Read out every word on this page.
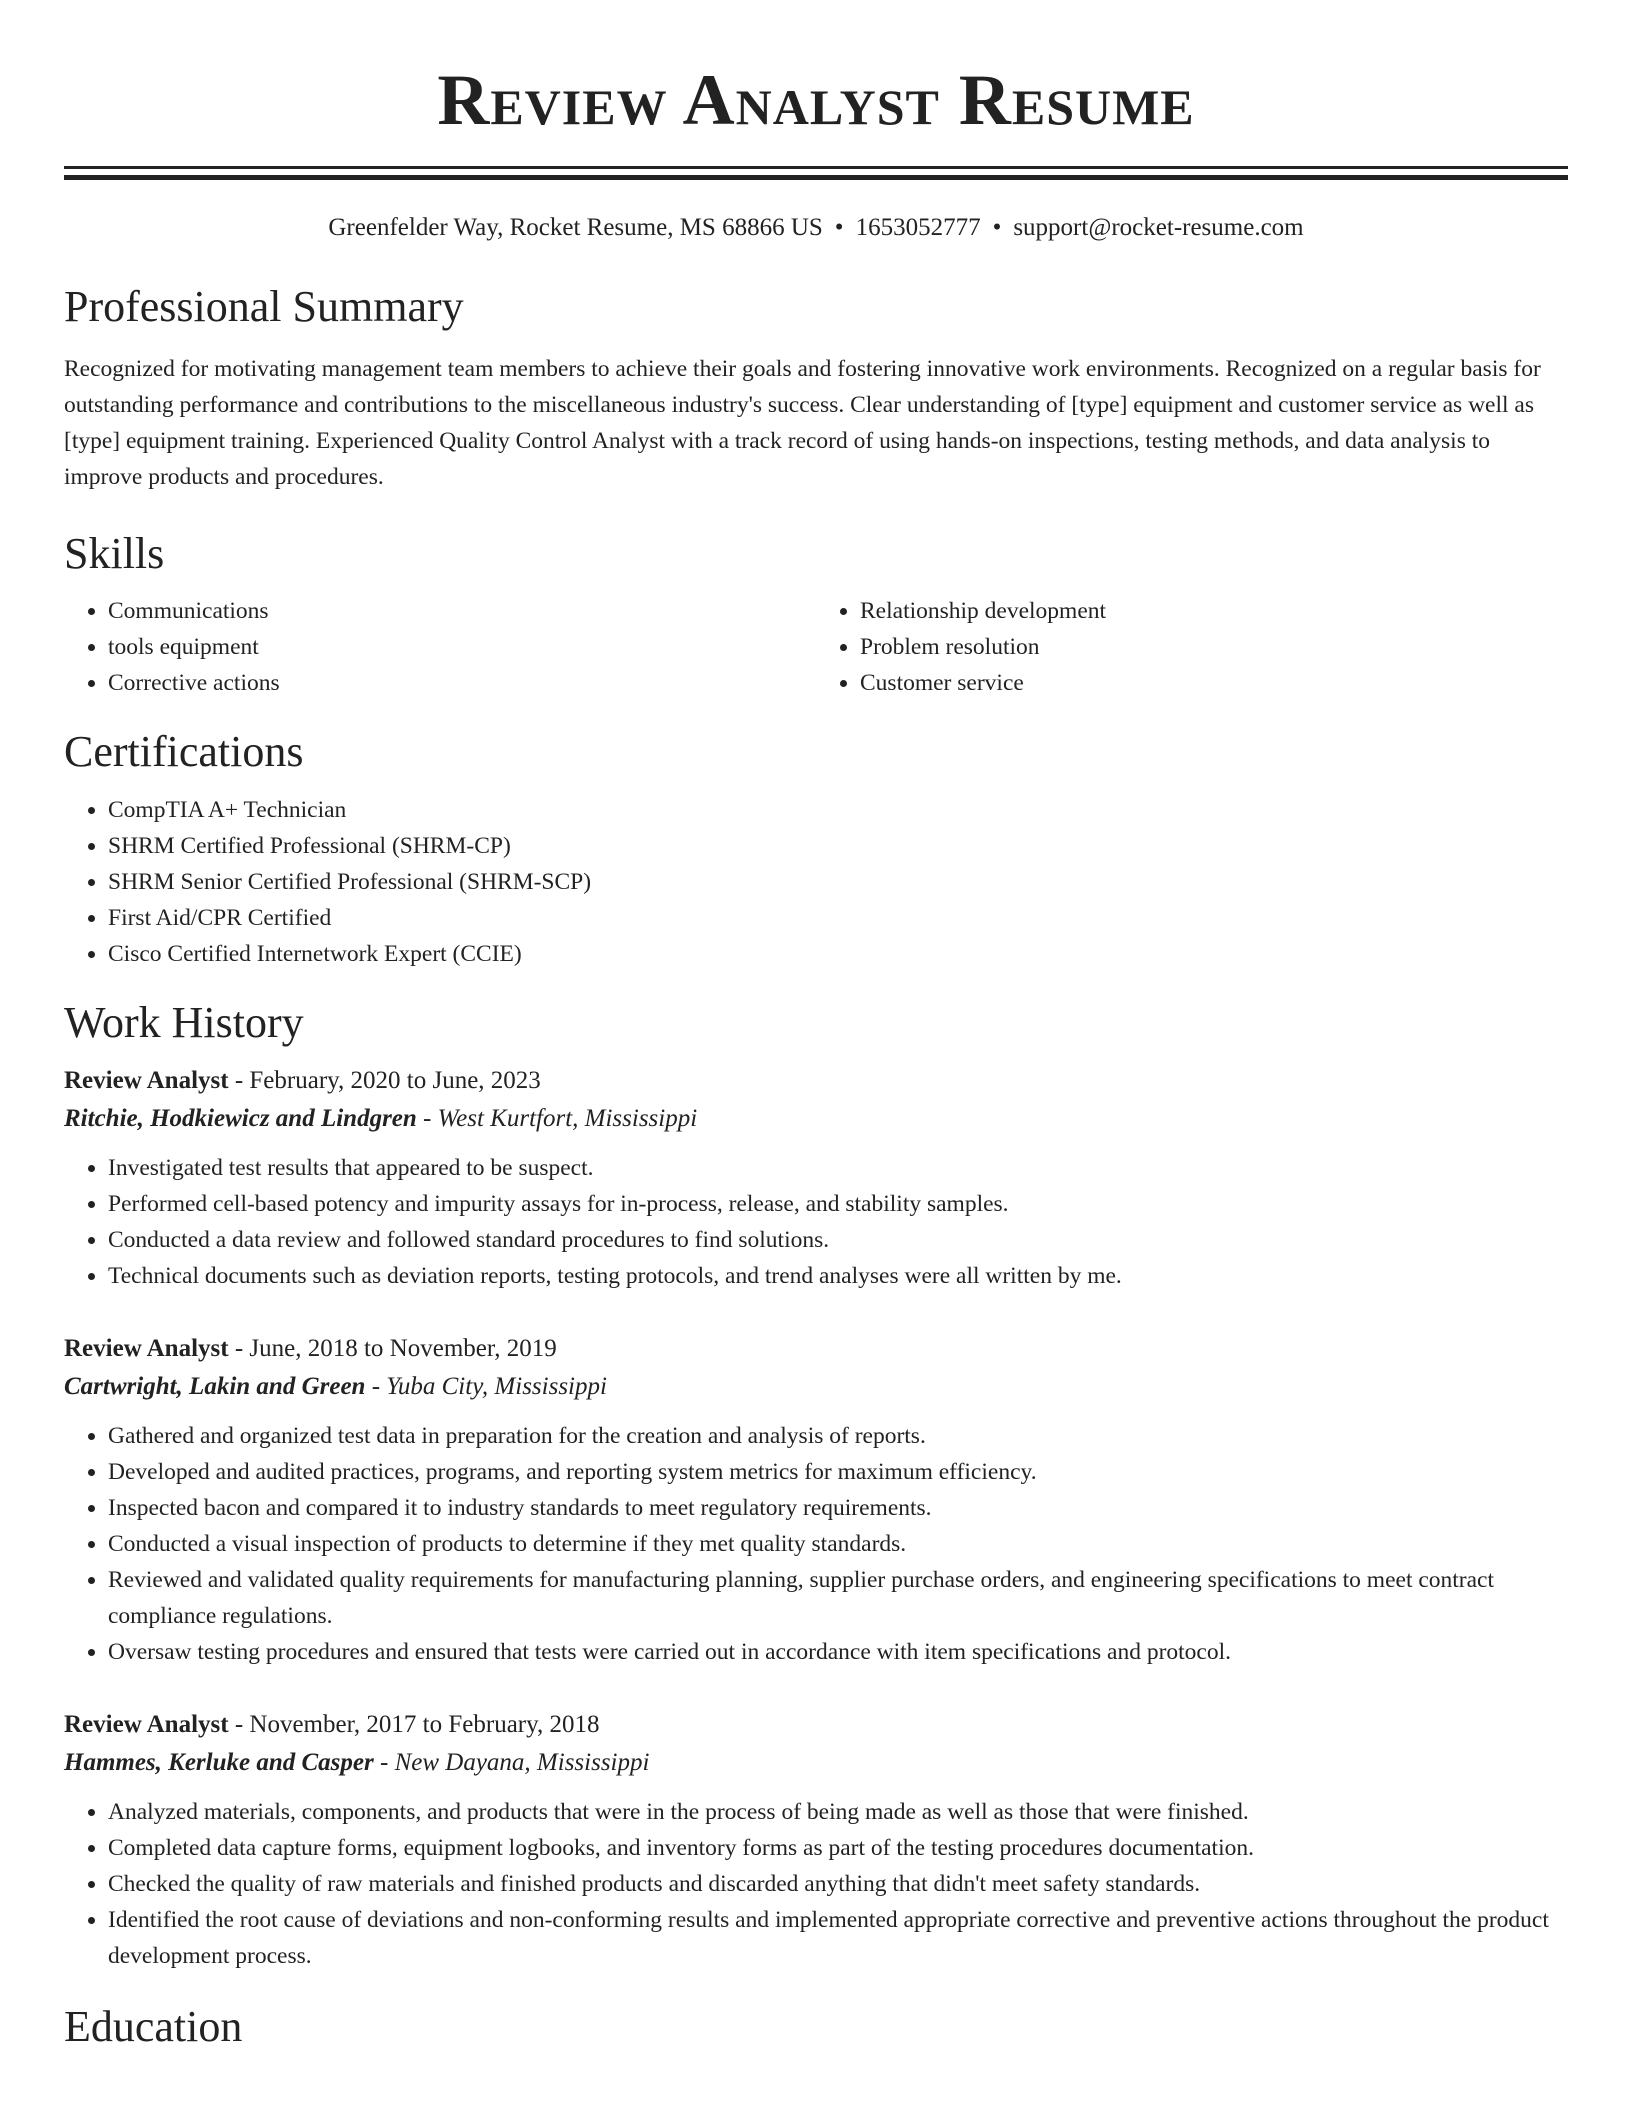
Review Analyst Resume
Greenfelder Way, Rocket Resume, MS 68866 US • 1653052777 • support@rocket-resume.com
Professional Summary

Recognized for motivating management team members to achieve their goals and fostering innovative work environments. Recognized on a regular basis for outstanding performance and contributions to the miscellaneous industry's success. Clear understanding of [type] equipment and customer service as well as [type] equipment training. Experienced Quality Control Analyst with a track record of using hands-on inspections, testing methods, and data analysis to improve products and procedures.

Skills
• Communications
• tools equipment
• Corrective actions
• Relationship development
• Problem resolution
• Customer service
Certifications
• CompTIA A+ Technician
• SHRM Certified Professional (SHRM-CP)
• SHRM Senior Certified Professional (SHRM-SCP)
• First Aid/CPR Certified
• Cisco Certified Internetwork Expert (CCIE)
Work History
Review Analyst - February, 2020 to June, 2023
Ritchie, Hodkiewicz and Lindgren - West Kurtfort, Mississippi
• Investigated test results that appeared to be suspect.
• Performed cell-based potency and impurity assays for in-process, release, and stability samples.
• Conducted a data review and followed standard procedures to find solutions.
• Technical documents such as deviation reports, testing protocols, and trend analyses were all written by me.
Review Analyst - June, 2018 to November, 2019
Cartwright, Lakin and Green - Yuba City, Mississippi
• Gathered and organized test data in preparation for the creation and analysis of reports.
• Developed and audited practices, programs, and reporting system metrics for maximum efficiency.
• Inspected bacon and compared it to industry standards to meet regulatory requirements.
• Conducted a visual inspection of products to determine if they met quality standards.
• Reviewed and validated quality requirements for manufacturing planning, supplier purchase orders, and engineering specifications to meet contract compliance regulations.
• Oversaw testing procedures and ensured that tests were carried out in accordance with item specifications and protocol.
Review Analyst - November, 2017 to February, 2018
Hammes, Kerluke and Casper - New Dayana, Mississippi
• Analyzed materials, components, and products that were in the process of being made as well as those that were finished.
• Completed data capture forms, equipment logbooks, and inventory forms as part of the testing procedures documentation.
• Checked the quality of raw materials and finished products and discarded anything that didn't meet safety standards.
• Identified the root cause of deviations and non-conforming results and implemented appropriate corrective and preventive actions throughout the product development process.
Education
